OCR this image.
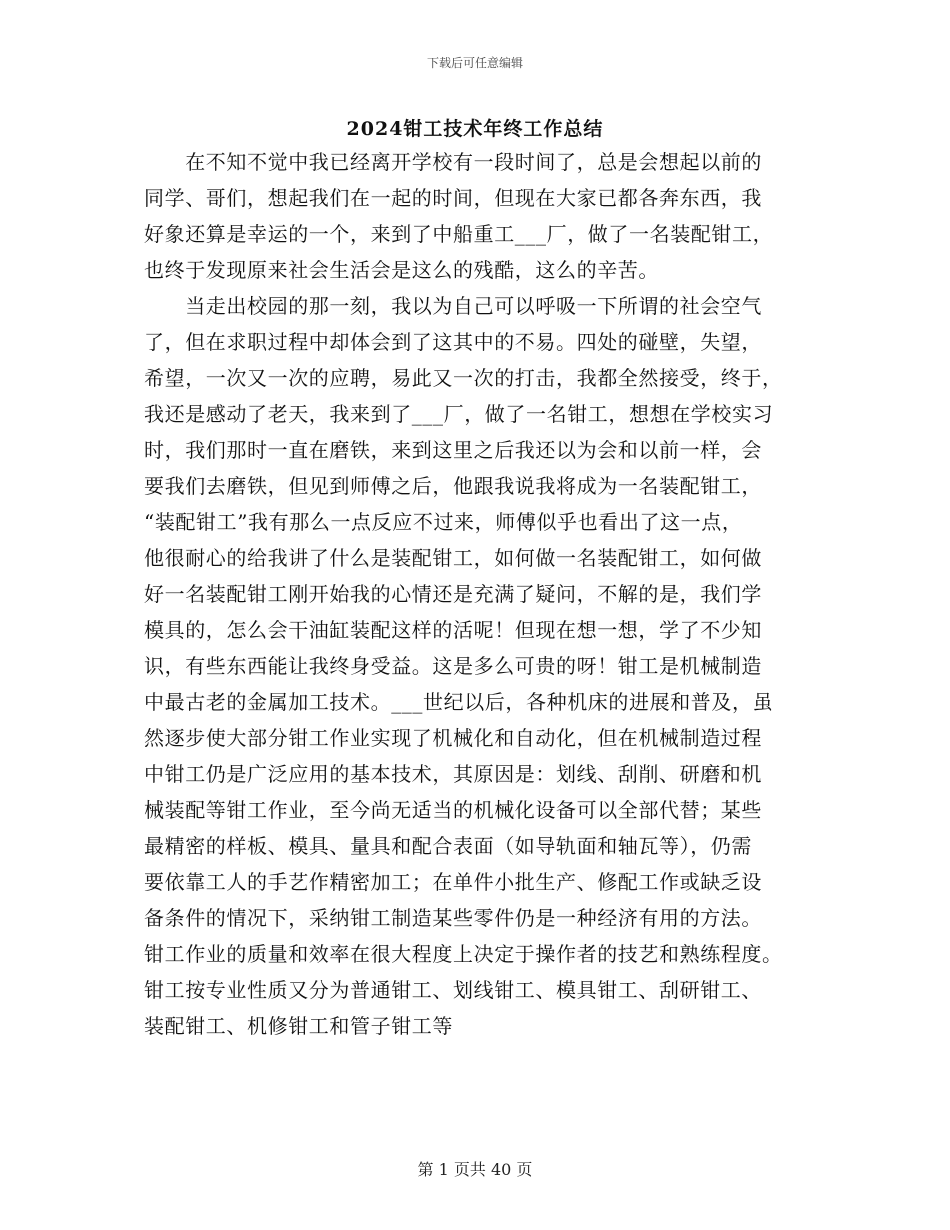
下载后可任意编辑
2024钳工技术年终工作总结
　　在不知不觉中我已经离开学校有一段时间了，总是会想起以前的
同学、哥们，想起我们在一起的时间，但现在大家已都各奔东西，我
好象还算是幸运的一个，来到了中船重工___厂，做了一名装配钳工，
也终于发现原来社会生活会是这么的残酷，这么的辛苦。
　　当走出校园的那一刻，我以为自己可以呼吸一下所谓的社会空气
了，但在求职过程中却体会到了这其中的不易。四处的碰壁，失望，
希望，一次又一次的应聘，易此又一次的打击，我都全然接受，终于，
我还是感动了老天，我来到了___厂，做了一名钳工，想想在学校实习
时，我们那时一直在磨铁，来到这里之后我还以为会和以前一样，会
要我们去磨铁，但见到师傅之后，他跟我说我将成为一名装配钳工，
“装配钳工”我有那么一点反应不过来，师傅似乎也看出了这一点，
他很耐心的给我讲了什么是装配钳工，如何做一名装配钳工，如何做
好一名装配钳工刚开始我的心情还是充满了疑问，不解的是，我们学
模具的，怎么会干油缸装配这样的活呢！但现在想一想，学了不少知
识，有些东西能让我终身受益。这是多么可贵的呀！钳工是机械制造
中最古老的金属加工技术。___世纪以后，各种机床的进展和普及，虽
然逐步使大部分钳工作业实现了机械化和自动化，但在机械制造过程
中钳工仍是广泛应用的基本技术，其原因是：划线、刮削、研磨和机
械装配等钳工作业，至今尚无适当的机械化设备可以全部代替；某些
最精密的样板、模具、量具和配合表面（如导轨面和轴瓦等），仍需
要依靠工人的手艺作精密加工；在单件小批生产、修配工作或缺乏设
备条件的情况下，采纳钳工制造某些零件仍是一种经济有用的方法。
钳工作业的质量和效率在很大程度上决定于操作者的技艺和熟练程度。
钳工按专业性质又分为普通钳工、划线钳工、模具钳工、刮研钳工、
装配钳工、机修钳工和管子钳工等
第 1 页共 40 页
